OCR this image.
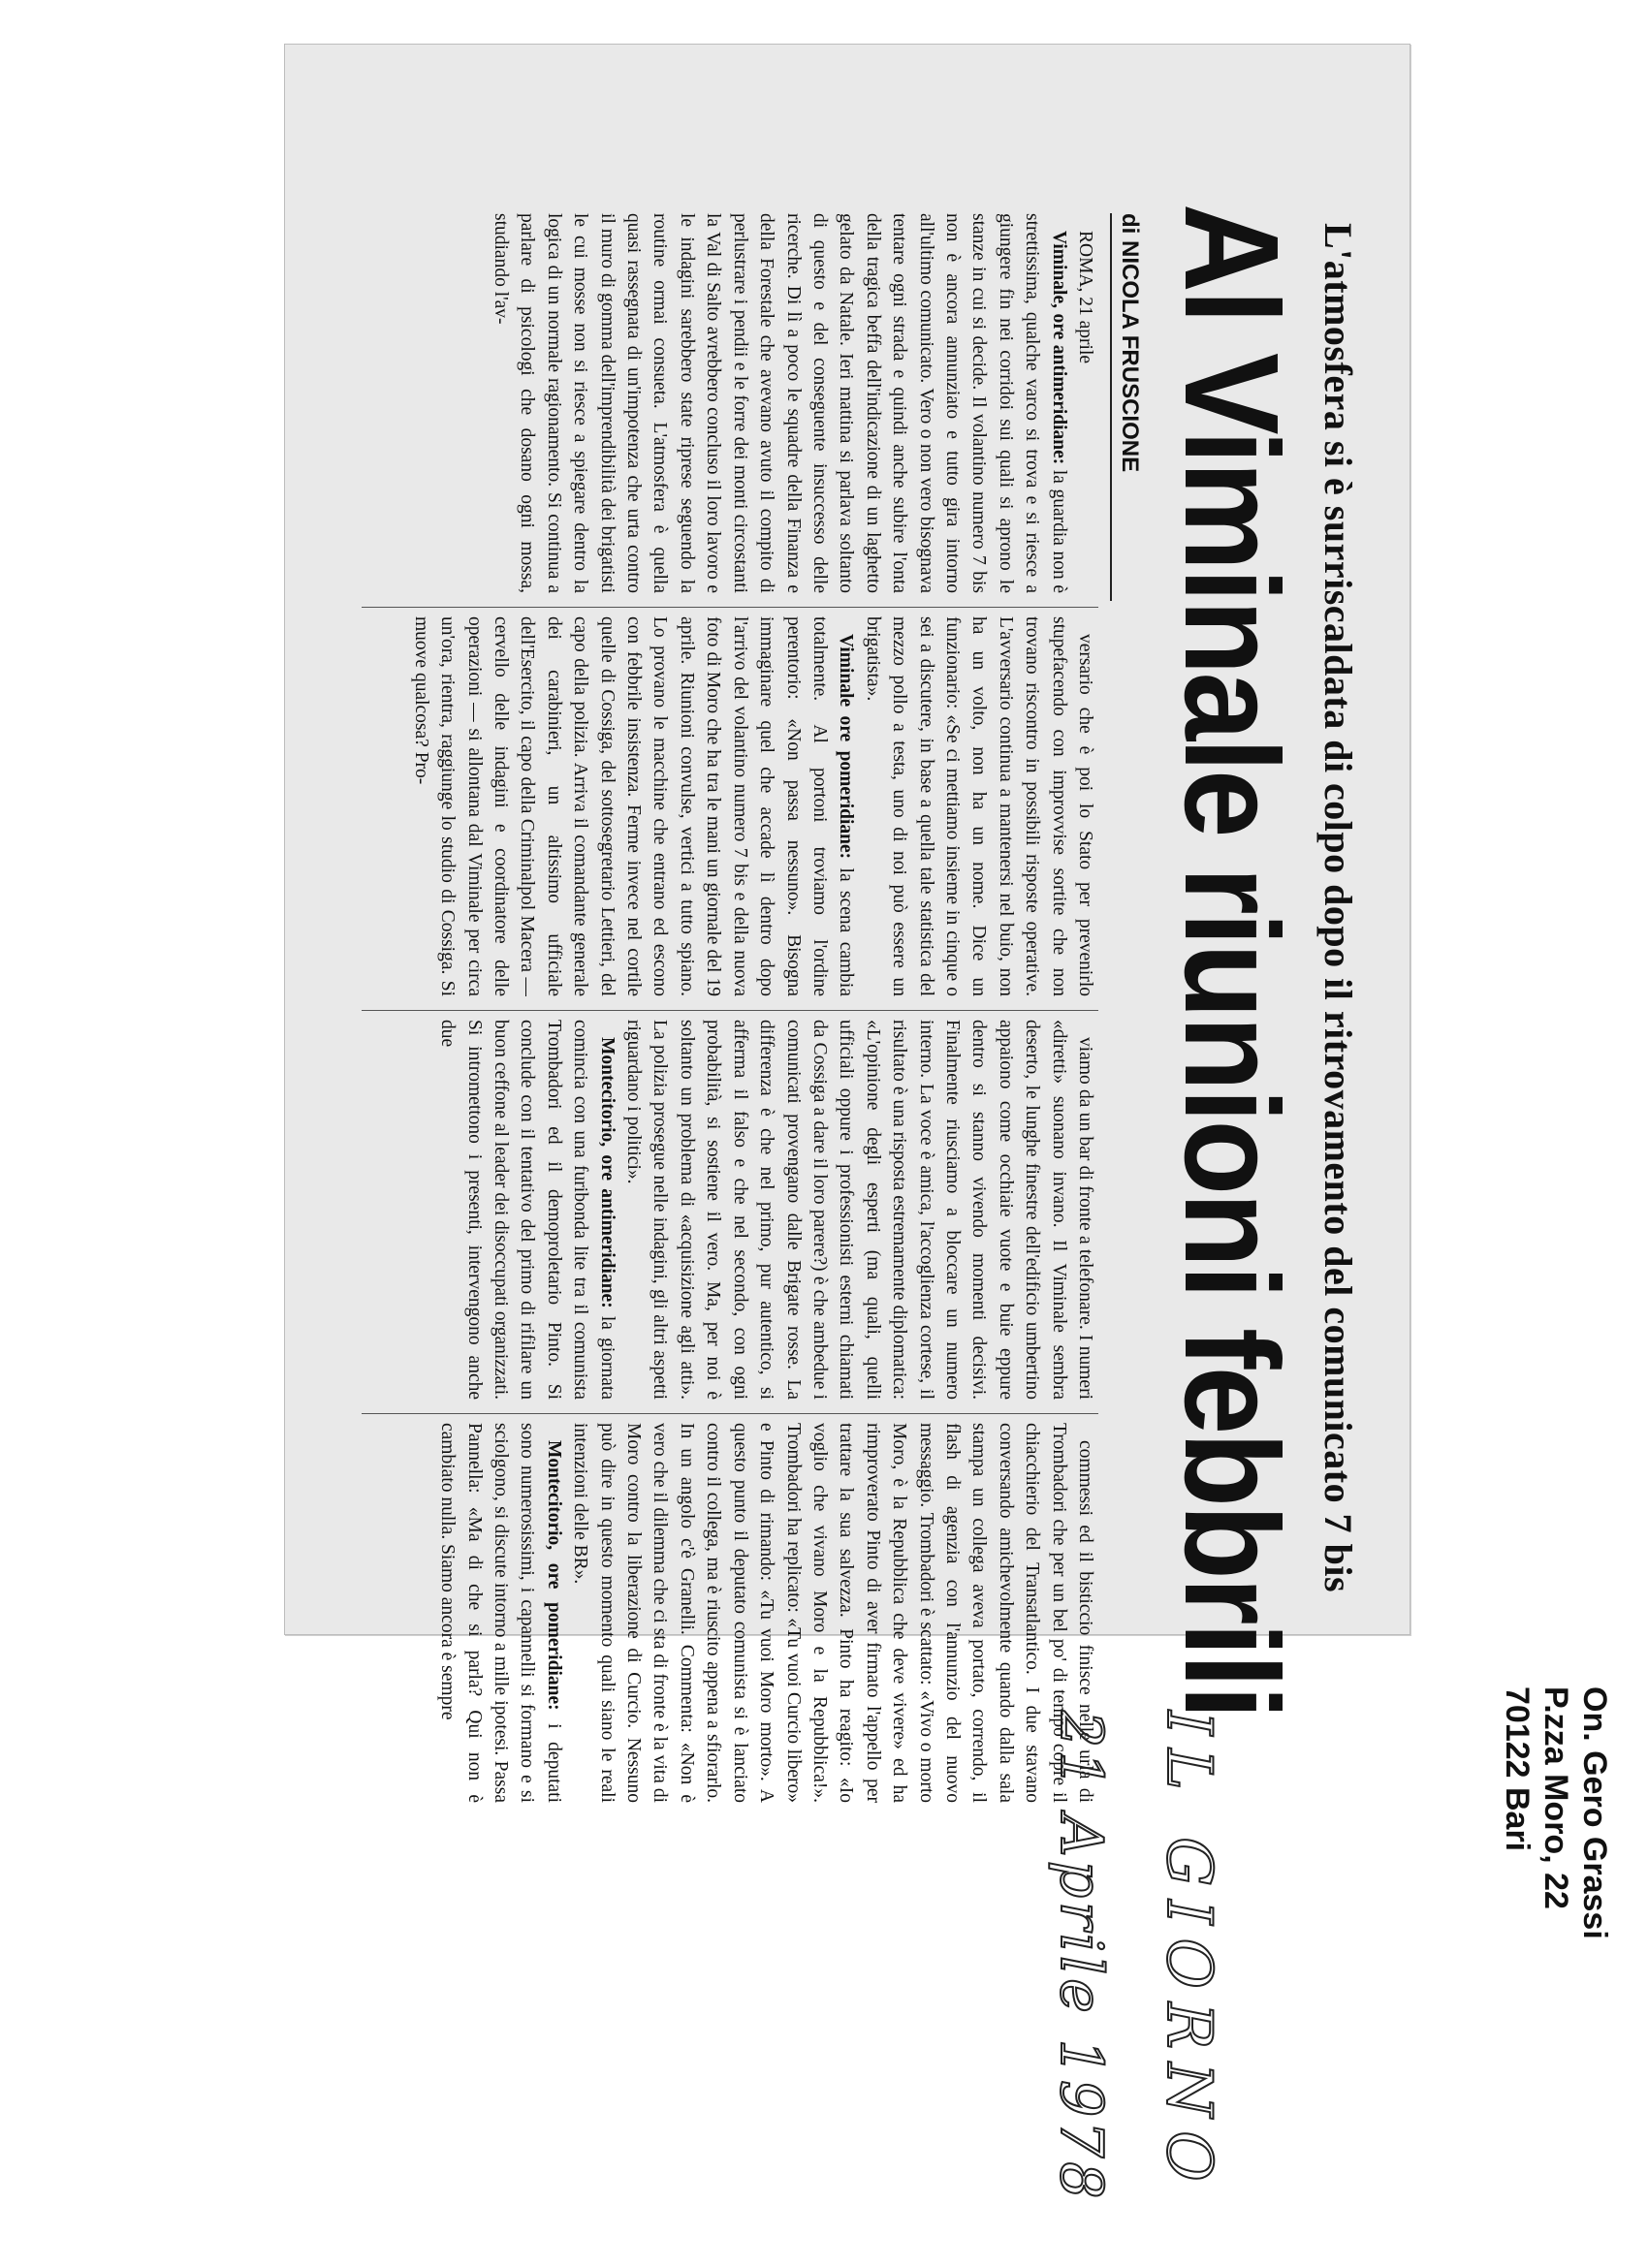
L'atmosfera si è surriscaldata di colpo dopo il ritrovamento del comunicato 7 bis
Al Viminale riunioni febbrili
di NICOLA FRUSCIONE

ROMA, 21 aprile

Viminale, ore antimeridiane: la guardia non è strettissima, qualche varco si trova e si riesce a giungere fin nei corridoi sui quali si aprono le stanze in cui si decide. Il volantino numero 7 bis non è ancora annunziato e tutto gira intorno all'ultimo comunicato. Vero o non vero bisognava tentare ogni strada e quindi anche subire l'onta della tragica beffa dell'indicazione di un laghetto gelato da Natale. Ieri mattina si parlava soltanto di questo e del conseguente insuccesso delle ricerche. Di lì a poco le squadre della Finanza e della Forestale che avevano avuto il compito di perlustrare i pendii e le forre dei monti circostanti la Val di Salto avrebbero concluso il loro lavoro e le indagini sarebbero state riprese seguendo la routine ormai consueta. L'atmosfera è quella quasi rassegnata di un'impotenza che urta contro il muro di gomma dell'imprendibilità dei brigatisti le cui mosse non si riesce a spiegare dentro la logica di un normale ragionamento. Si continua a parlare di psicologi che dosano ogni mossa, studiando l'av-

versario che è poi lo Stato per prevenirlo stupefacendo con improvvise sortite che non trovano riscontro in possibili risposte operative. L'avversario continua a mantenersi nel buio, non ha un volto, non ha un nome. Dice un funzionario: «Se ci mettiamo insieme in cinque o sei a discutere, in base a quella tale statistica del mezzo pollo a testa, uno di noi può essere un brigatista».

Viminale ore pomeridiane: la scena cambia totalmente. Al portoni troviamo l'ordine perentorio: «Non passa nessuno». Bisogna immaginare quel che accade lì dentro dopo l'arrivo del volantino numero 7 bis e della nuova foto di Moro che ha tra le mani un giornale del 19 aprile. Riunioni convulse, vertici a tutto spiano. Lo provano le macchine che entrano ed escono con febbrile insistenza. Ferme invece nel cortile quelle di Cossiga, del sottosegretario Lettieri, del capo della polizia. Arriva il comandante generale dei carabinieri, un altissimo ufficiale dell'Esercito, il capo della Criminalpol Macera — cervello delle indagini e coordinatore delle operazioni — si allontana dal Viminale per circa un'ora, rientra, raggiunge lo studio di Cossiga. Si muove qualcosa? Pro-

viamo da un bar di fronte a telefonare. I numeri «diretti» suonano invano. Il Viminale sembra deserto, le lunghe finestre dell'edificio umbertino appaiono come occhiaie vuote e buie eppure dentro si stanno vivendo momenti decisivi. Finalmente riusciamo a bloccare un numero interno. La voce è amica, l'accoglienza cortese, il risultato è una risposta estremamente diplomatica: «L'opinione degli esperti (ma quali, quelli ufficiali oppure i professionisti esterni chiamati da Cossiga a dare il loro parere?) è che ambedue i comunicati provengano dalle Brigate rosse. La differenza è che nel primo, pur autentico, si afferma il falso e che nel secondo, con ogni probabilità, si sostiene il vero. Ma, per noi è soltanto un problema di «acquisizione agli atti». La polizia prosegue nelle indagini, gli altri aspetti riguardano i politici».

Montecitorio, ore antimeridiane: la giornata comincia con una furibonda lite tra il comunista Trombadori ed il demoproletario Pinto. Si conclude con il tentativo del primo di rifilare un buon ceffone al leader dei disoccupati organizzati. Si intromettono i presenti, intervengono anche due

commessi ed il bisticcio finisce nelle urla di Trombadori che per un bel po' di tempo copre il chiacchierio del Transatlantico. I due stavano conversando amichevolmente quando dalla sala stampa un collega aveva portato, correndo, il flash di agenzia con l'annunzio del nuovo messaggio. Trombadori è scattato: «Vivo o morto Moro, è la Repubblica che deve vivere» ed ha rimproverato Pinto di aver firmato l'appello per trattare la sua salvezza. Pinto ha reagito: «Io voglio che vivano Moro e la Repubblica!». Trombadori ha replicato: «Tu vuoi Curcio libero» e Pinto di rimando: «Tu vuoi Moro morto». A questo punto il deputato comunista si è lanciato contro il collega, ma è riuscito appena a sfiorarlo. In un angolo c'è Granelli. Commenta: «Non è vero che il dilemma che ci sta di fronte è la vita di Moro contro la liberazione di Curcio. Nessuno può dire in questo momento quali siano le reali intenzioni delle BR».

Montecitorio, ore pomeridiane: i deputati sono numerosissimi, i capannelli si formano e si sciolgono, si discute intorno a mille ipotesi. Passa Pannella: «Ma di che si parla? Qui non è cambiato nulla. Siamo ancora è sempre

On. Gero Grassi
P.zza Moro, 22
70122 Bari
IL GIORNO
21 Aprile 1978
